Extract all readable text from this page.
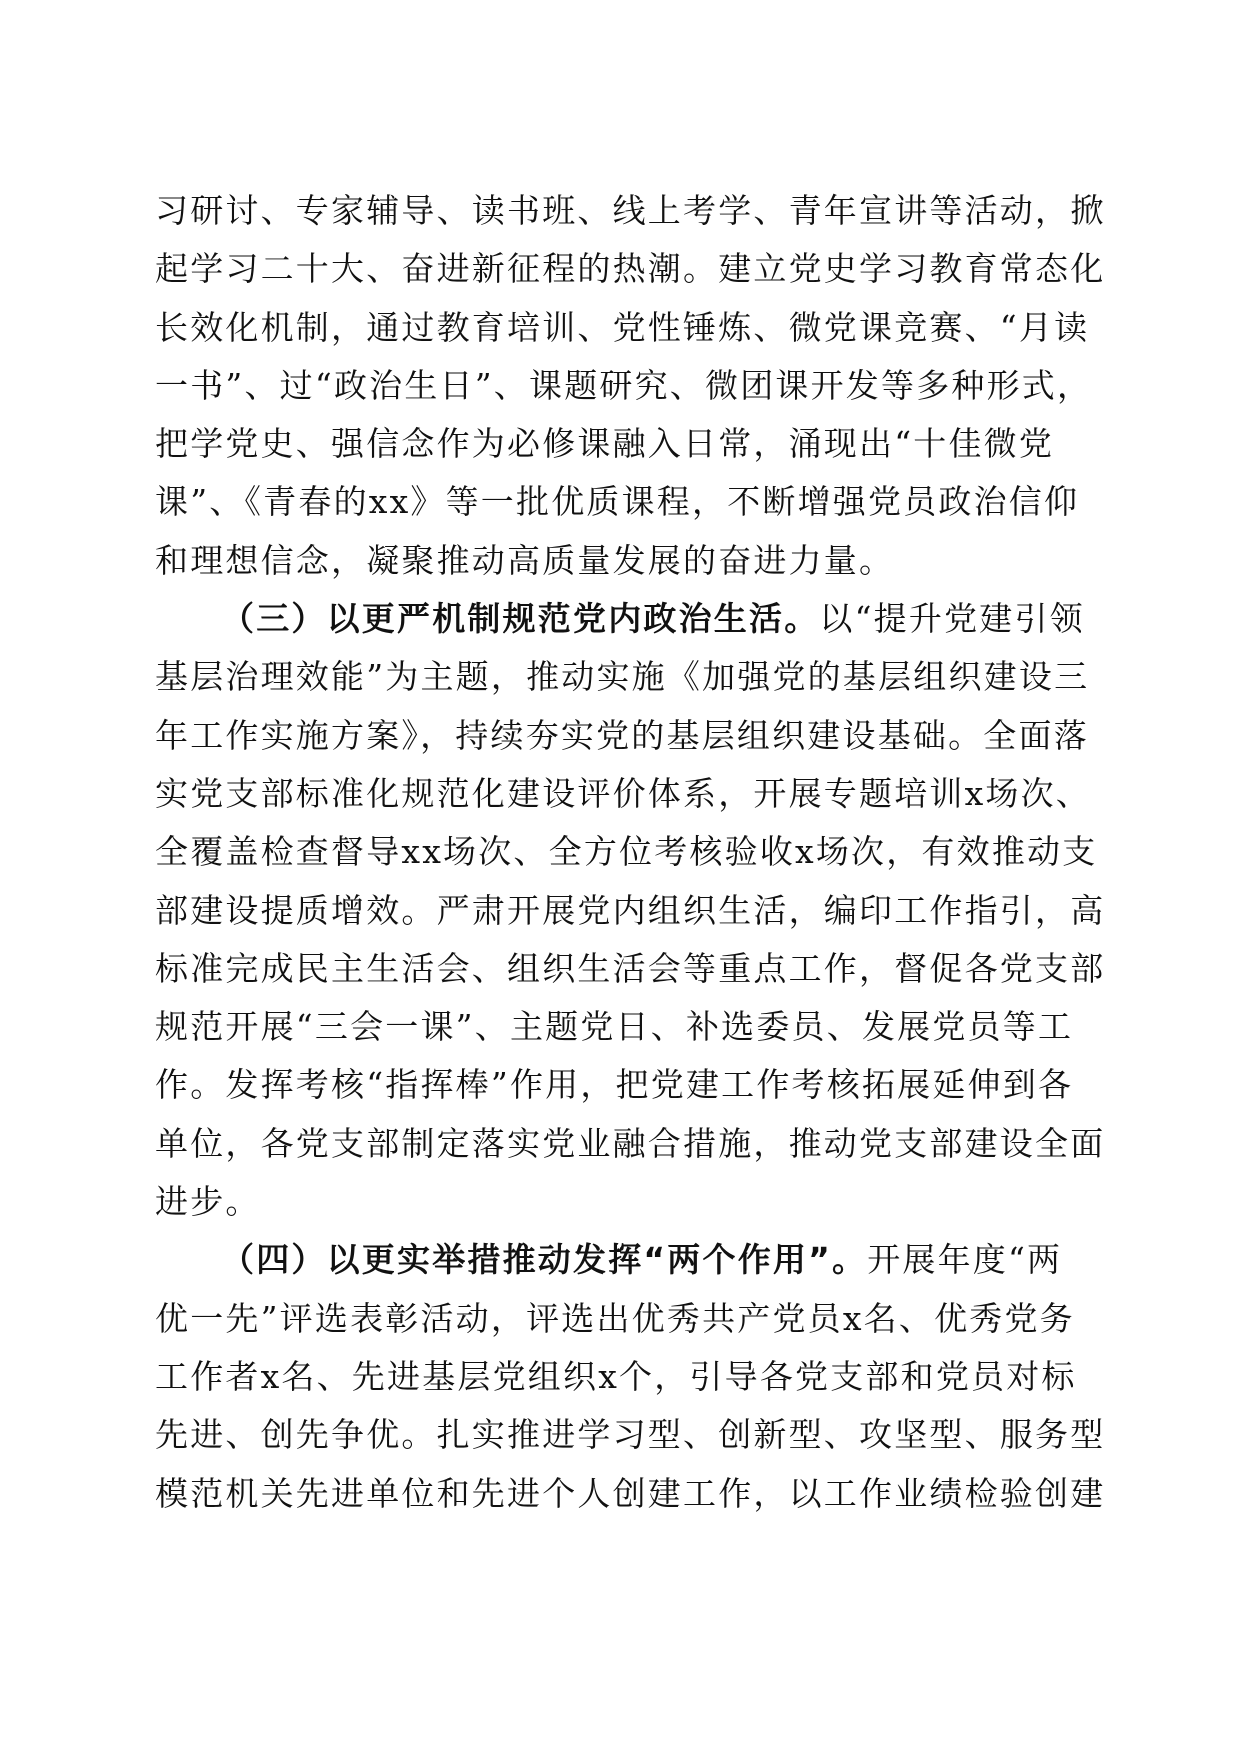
习研讨、专家辅导、读书班、线上考学、青年宣讲等活动，掀
起学习二十大、奋进新征程的热潮。建立党史学习教育常态化
长效化机制，通过教育培训、党性锤炼、微党课竞赛、“月读
一书”、过“政治生日”、课题研究、微团课开发等多种形式，
把学党史、强信念作为必修课融入日常，涌现出“十佳微党
课”、《青春的xx》等一批优质课程，不断增强党员政治信仰
和理想信念，凝聚推动高质量发展的奋进力量。
（三）以更严机制规范党内政治生活。以“提升党建引领
基层治理效能”为主题，推动实施《加强党的基层组织建设三
年工作实施方案》，持续夯实党的基层组织建设基础。全面落
实党支部标准化规范化建设评价体系，开展专题培训x场次、
全覆盖检查督导xx场次、全方位考核验收x场次，有效推动支
部建设提质增效。严肃开展党内组织生活，编印工作指引，高
标准完成民主生活会、组织生活会等重点工作，督促各党支部
规范开展“三会一课”、主题党日、补选委员、发展党员等工
作。发挥考核“指挥棒”作用，把党建工作考核拓展延伸到各
单位，各党支部制定落实党业融合措施，推动党支部建设全面
进步。
（四）以更实举措推动发挥“两个作用”。开展年度“两
优一先”评选表彰活动，评选出优秀共产党员x名、优秀党务
工作者x名、先进基层党组织x个，引导各党支部和党员对标
先进、创先争优。扎实推进学习型、创新型、攻坚型、服务型
模范机关先进单位和先进个人创建工作，以工作业绩检验创建
